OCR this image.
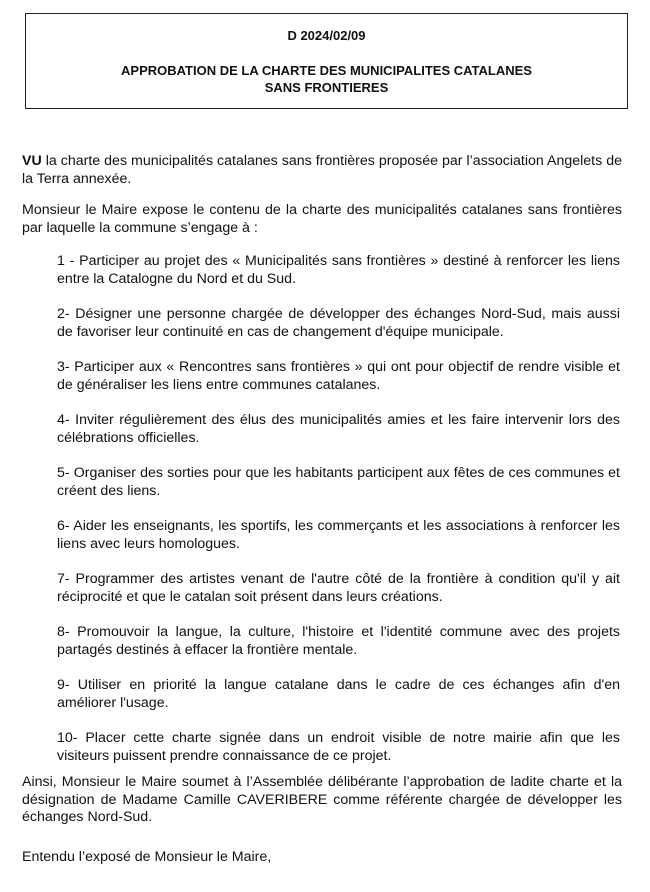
D 2024/02/09
APPROBATION DE LA CHARTE DES MUNICIPALITES CATALANES
SANS FRONTIERES

VU la charte des municipalités catalanes sans frontières proposée par l’association Angelets de la Terra annexée.

Monsieur le Maire expose le contenu de la charte des municipalités catalanes sans frontières par laquelle la commune s’engage à :

1 - Participer au projet des « Municipalités sans frontières » destiné à renforcer les liens entre la Catalogne du Nord et du Sud.

2- Désigner une personne chargée de développer des échanges Nord-Sud, mais aussi de favoriser leur continuité en cas de changement d'équipe municipale.

3- Participer aux « Rencontres sans frontières » qui ont pour objectif de rendre visible et de généraliser les liens entre communes catalanes.

4- Inviter régulièrement des élus des municipalités amies et les faire intervenir lors des célébrations officielles.

5- Organiser des sorties pour que les habitants participent aux fêtes de ces communes et créent des liens.

6- Aider les enseignants, les sportifs, les commerçants et les associations à renforcer les liens avec leurs homologues.

7- Programmer des artistes venant de l'autre côté de la frontière à condition qu'il y ait réciprocité et que le catalan soit présent dans leurs créations.

8- Promouvoir la langue, la culture, l'histoire et l'identité commune avec des projets partagés destinés à effacer la frontière mentale.

9- Utiliser en priorité la langue catalane dans le cadre de ces échanges afin d'en améliorer l'usage.

10- Placer cette charte signée dans un endroit visible de notre mairie afin que les visiteurs puissent prendre connaissance de ce projet.

Ainsi, Monsieur le Maire soumet à l’Assemblée délibérante l’approbation de ladite charte et la désignation de Madame Camille CAVERIBERE comme référente chargée de développer les échanges Nord-Sud.

Entendu l’exposé de Monsieur le Maire,
